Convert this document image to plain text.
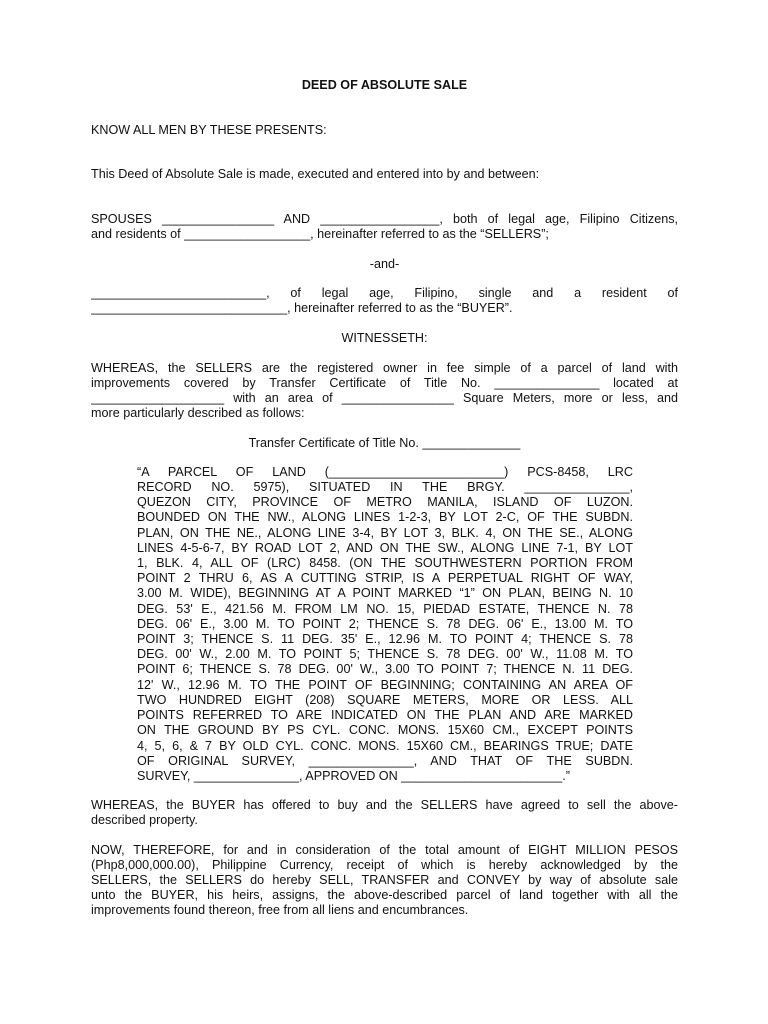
DEED OF ABSOLUTE SALE

KNOW ALL MEN BY THESE PRESENTS:

This Deed of Absolute Sale is made, executed and entered into by and between:

SPOUSES ________________ AND _________________, both of legal age, Filipino Citizens,
and residents of __________________, hereinafter referred to as the “SELLERS”;

-and-

_________________________, of legal age, Filipino, single and a resident of
____________________________, hereinafter referred to as the “BUYER”.

WITNESSETH:

WHEREAS, the SELLERS are the registered owner in fee simple of a parcel of land with
improvements covered by Transfer Certificate of Title No. _______________ located at
___________________ with an area of ________________ Square Meters, more or less, and
more particularly described as follows:

Transfer Certificate of Title No. ______________

“A PARCEL OF LAND (_________________________) PCS-8458, LRC
RECORD NO. 5975), SITUATED IN THE BRGY. _______________,
QUEZON CITY, PROVINCE OF METRO MANILA, ISLAND OF LUZON.
BOUNDED ON THE NW., ALONG LINES 1-2-3, BY LOT 2-C, OF THE SUBDN.
PLAN, ON THE NE., ALONG LINE 3-4, BY LOT 3, BLK. 4, ON THE SE., ALONG
LINES 4-5-6-7, BY ROAD LOT 2, AND ON THE SW., ALONG LINE 7-1, BY LOT
1, BLK. 4, ALL OF (LRC) 8458. (ON THE SOUTHWESTERN PORTION FROM
POINT 2 THRU 6, AS A CUTTING STRIP, IS A PERPETUAL RIGHT OF WAY,
3.00 M. WIDE), BEGINNING AT A POINT MARKED “1” ON PLAN, BEING N. 10
DEG. 53' E., 421.56 M. FROM LM NO. 15, PIEDAD ESTATE, THENCE N. 78
DEG. 06' E., 3.00 M. TO POINT 2; THENCE S. 78 DEG. 06' E., 13.00 M. TO
POINT 3; THENCE S. 11 DEG. 35' E., 12.96 M. TO POINT 4; THENCE S. 78
DEG. 00' W., 2.00 M. TO POINT 5; THENCE S. 78 DEG. 00' W., 11.08 M. TO
POINT 6; THENCE S. 78 DEG. 00' W., 3.00 TO POINT 7; THENCE N. 11 DEG.
12' W., 12.96 M. TO THE POINT OF BEGINNING; CONTAINING AN AREA OF
TWO HUNDRED EIGHT (208) SQUARE METERS, MORE OR LESS. ALL
POINTS REFERRED TO ARE INDICATED ON THE PLAN AND ARE MARKED
ON THE GROUND BY PS CYL. CONC. MONS. 15X60 CM., EXCEPT POINTS
4, 5, 6, & 7 BY OLD CYL. CONC. MONS. 15X60 CM., BEARINGS TRUE; DATE
OF ORIGINAL SURVEY, _______________, AND THAT OF THE SUBDN.
SURVEY, _______________, APPROVED ON _______________________.”
WHEREAS, the BUYER has offered to buy and the SELLERS have agreed to sell the above-
described property.
NOW, THEREFORE, for and in consideration of the total amount of EIGHT MILLION PESOS
(Php8,000,000.00), Philippine Currency, receipt of which is hereby acknowledged by the
SELLERS, the SELLERS do hereby SELL, TRANSFER and CONVEY by way of absolute sale
unto the BUYER, his heirs, assigns, the above-described parcel of land together with all the
improvements found thereon, free from all liens and encumbrances.
